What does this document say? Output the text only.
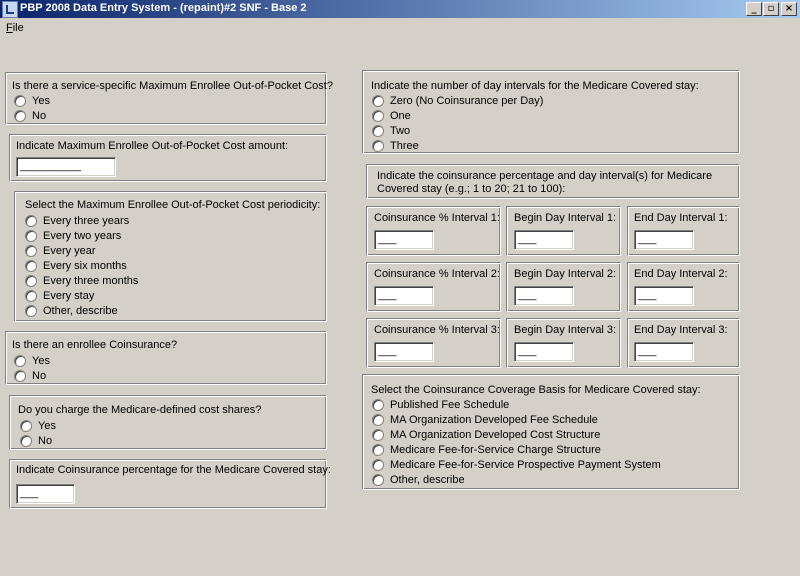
PBP 2008 Data Entry System - (repaint)#2 SNF - Base 2	_	▫	×
File
Is there a service-specific Maximum Enrollee Out-of-Pocket Cost?
Yes
No
Indicate Maximum Enrollee Out-of-Pocket Cost amount:
__________
Select the Maximum Enrollee Out-of-Pocket Cost periodicity:
Every three years
Every two years
Every year
Every six months
Every three months
Every stay
Other, describe
Is there an enrollee Coinsurance?
Yes
No
Do you charge the Medicare-defined cost shares?
Yes
No
Indicate Coinsurance percentage for the Medicare Covered stay:
___
Indicate the number of day intervals for the Medicare Covered stay:
Zero (No Coinsurance per Day)
One
Two
Three
Indicate the coinsurance percentage and day interval(s) for Medicare
Covered stay (e.g.; 1 to 20; 21 to 100):
Coinsurance % Interval 1:
___
Begin Day Interval 1:
___
End Day Interval 1:
___
Coinsurance % Interval 2:
___
Begin Day Interval 2:
___
End Day Interval 2:
___
Coinsurance % Interval 3:
___
Begin Day Interval 3:
___
End Day Interval 3:
___
Select the Coinsurance Coverage Basis for Medicare Covered stay:
Published Fee Schedule
MA Organization Developed Fee Schedule
MA Organization Developed Cost Structure
Medicare Fee-for-Service Charge Structure
Medicare Fee-for-Service Prospective Payment System
Other, describe
